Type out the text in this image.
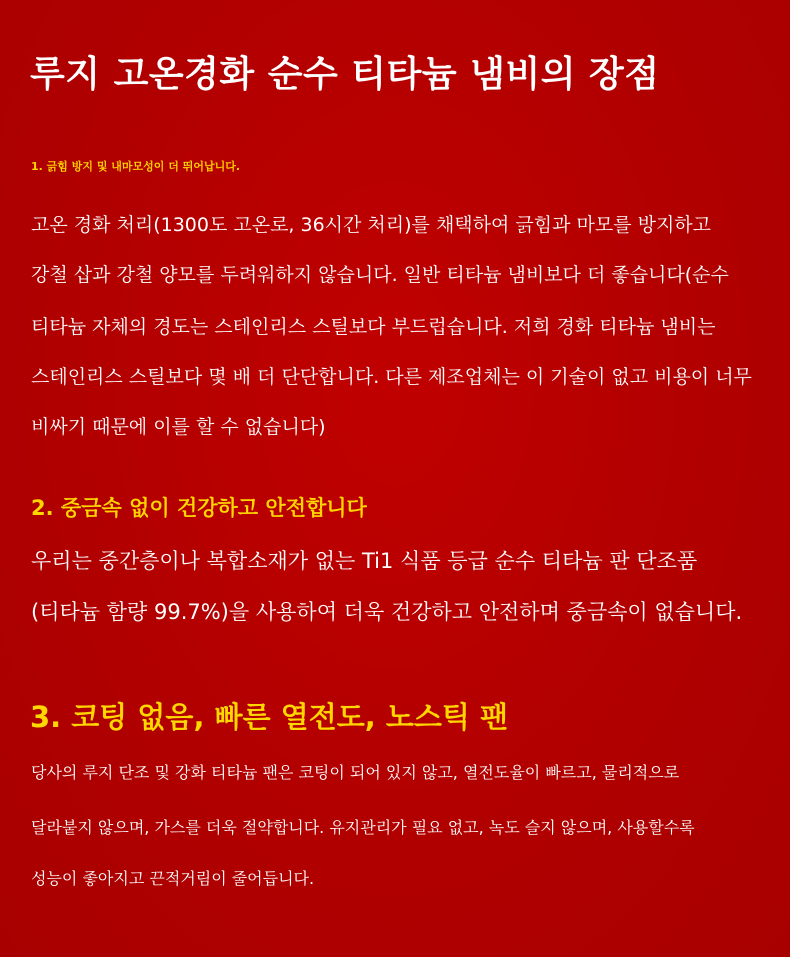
루지 고온경화 순수 티타늄 냄비의 장점
1. 긁힘 방지 및 내마모성이 더 뛰어납니다.
고온 경화 처리(1300도 고온로, 36시간 처리)를 채택하여 긁힘과 마모를 방지하고
강철 삽과 강철 양모를 두려워하지 않습니다. 일반 티타늄 냄비보다 더 좋습니다(순수
티타늄 자체의 경도는 스테인리스 스틸보다 부드럽습니다. 저희 경화 티타늄 냄비는
스테인리스 스틸보다 몇 배 더 단단합니다. 다른 제조업체는 이 기술이 없고 비용이 너무
비싸기 때문에 이를 할 수 없습니다)
2. 중금속 없이 건강하고 안전합니다
우리는 중간층이나 복합소재가 없는 Ti1 식품 등급 순수 티타늄 판 단조품
(티타늄 함량 99.7%)을 사용하여 더욱 건강하고 안전하며 중금속이 없습니다.
3. 코팅 없음, 빠른 열전도, 노스틱 팬
당사의 루지 단조 및 강화 티타늄 팬은 코팅이 되어 있지 않고, 열전도율이 빠르고, 물리적으로
달라붙지 않으며, 가스를 더욱 절약합니다. 유지관리가 필요 없고, 녹도 슬지 않으며, 사용할수록
성능이 좋아지고 끈적거림이 줄어듭니다.
